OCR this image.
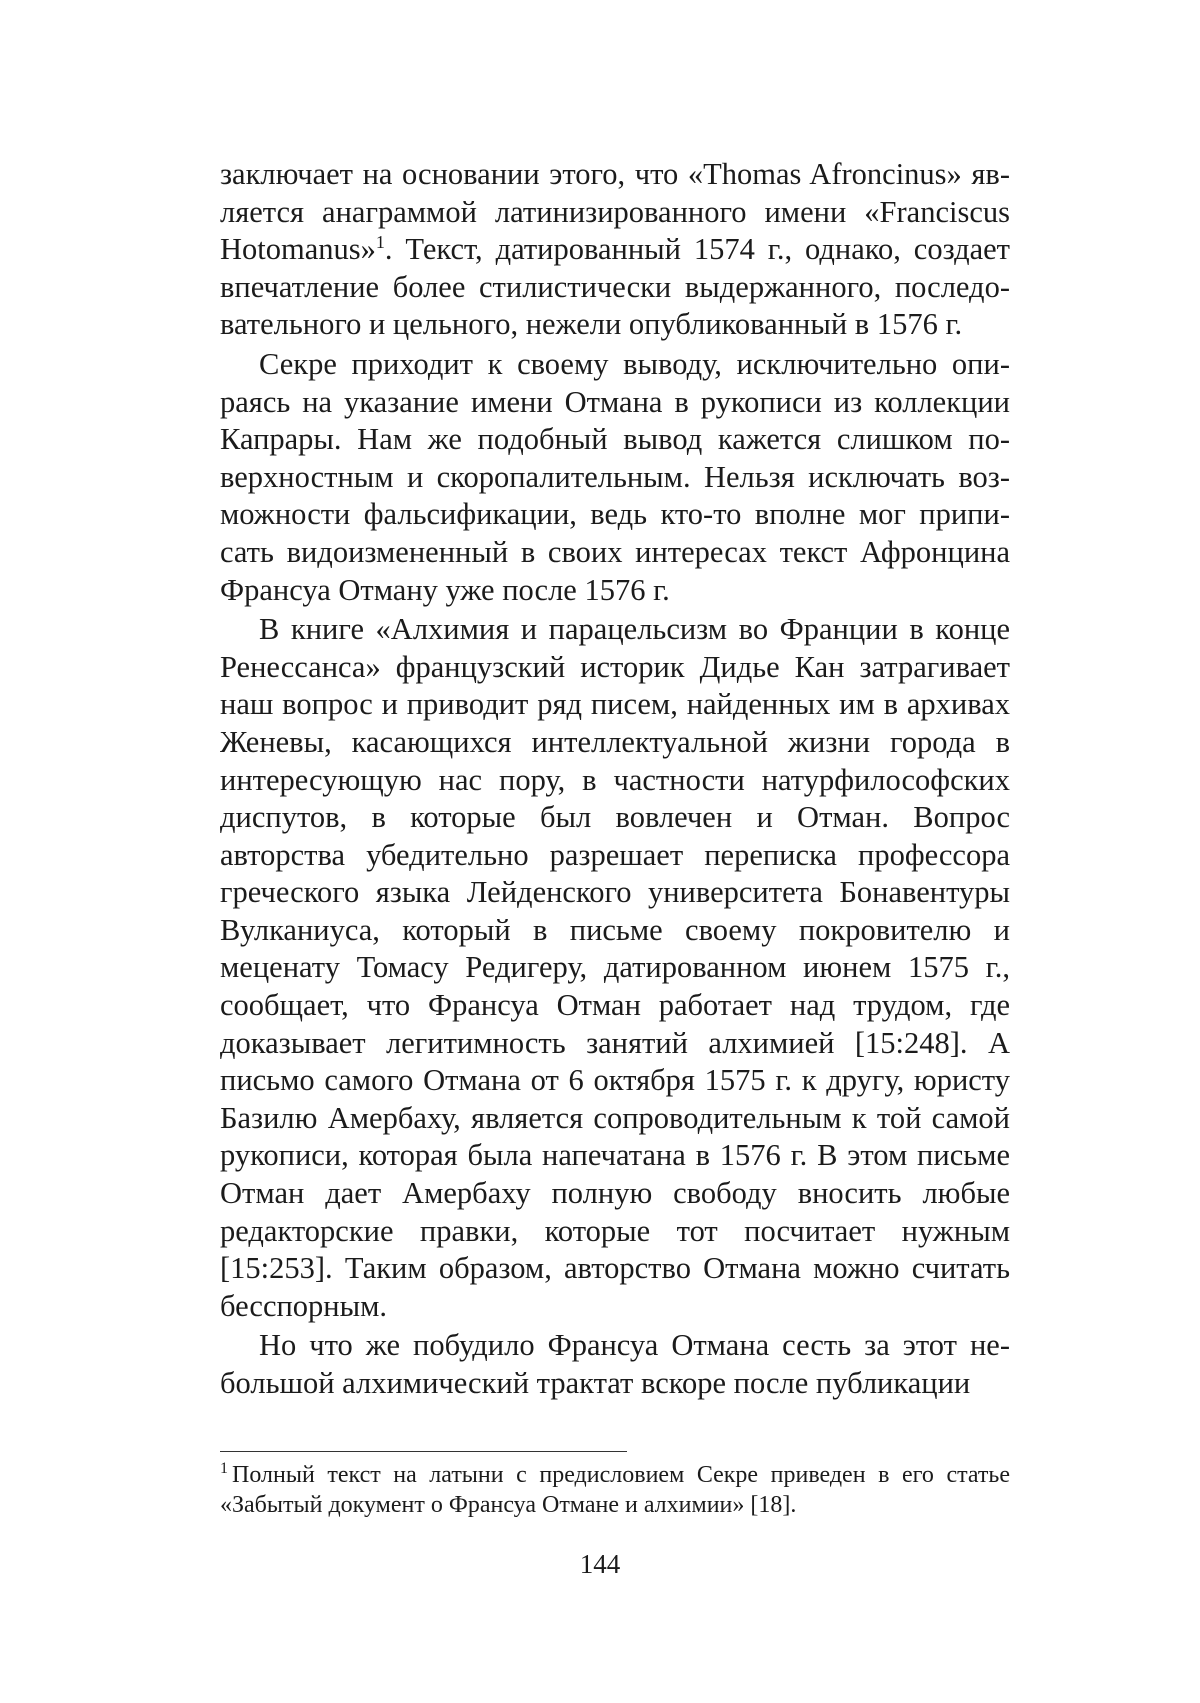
заключает на основании этого, что «Thomas Afroncinus» является анаграммой латинизированного имени «Franciscus Hotomanus»$^1$. Текст, датированный 1574 г., однако, создает впечатление более стилистически выдержанного, последовательного и цельного, нежели опубликованный в 1576 г.

Секре приходит к своему выводу, исключительно опираясь на указание имени Отмана в рукописи из коллекции Капрары. Нам же подобный вывод кажется слишком поверхностным и скоропалительным. Нельзя исключать возможности фальсификации, ведь кто-то вполне мог приписать видоизмененный в своих интересах текст Афронцина Франсуа Отману уже после 1576 г.

В книге «Алхимия и парацельсизм во Франции в конце Ренессанса» французский историк Дидье Кан затрагивает наш вопрос и приводит ряд писем, найденных им в архивах Женевы, касающихся интеллектуальной жизни города в интересующую нас пору, в частности натурфилософских диспутов, в которые был вовлечен и Отман. Вопрос авторства убедительно разрешает переписка профессора греческого языка Лейденского университета Бонавентуры Вулканиуса, который в письме своему покровителю и меценату Томасу Редигеру, датированном июнем 1575 г., сообщает, что Франсуа Отман работает над трудом, где доказывает легитимность занятий алхимией [15:248]. А письмо самого Отмана от 6 октября 1575 г. к другу, юристу Базилю Амербаху, является сопроводительным к той самой рукописи, которая была напечатана в 1576 г. В этом письме Отман дает Амербаху полную свободу вносить любые редакторские правки, которые тот посчитает нужным [15:253]. Таким образом, авторство Отмана можно считать бесспорным.

Но что же побудило Франсуа Отмана сесть за этот небольшой алхимический трактат вскоре после публикации

$^1$ Полный текст на латыни с предисловием Секре приведен в его статье «Забытый документ о Франсуа Отмане и алхимии» [18].
144
